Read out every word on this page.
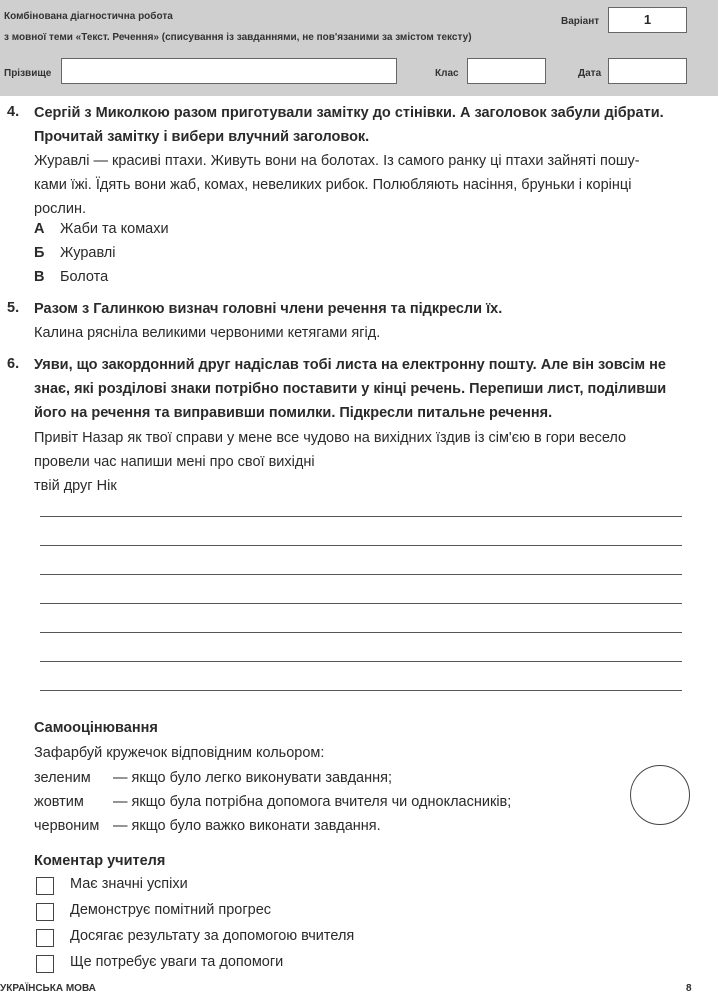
Комбінована діагностична робота
з мовної теми «Текст. Речення» (списування із завданнями, не пов'язаними за змістом тексту)
Варіант	1
Прізвище	Клас	Дата
4. Сергій з Миколкою разом приготували замітку до стінівки. А заголовок забули дібрати.
Прочитай замітку і вибери влучний заголовок.
Журавлі — красиві птахи. Живуть вони на болотах. Із самого ранку ці птахи зайняті пошу-
ками їжі. Їдять вони жаб, комах, невеликих рибок. Полюбляють насіння, бруньки і корінці
рослин.
А Жаби та комахи
Б Журавлі
В Болота
5. Разом з Галинкою визнач головні члени речення та підкресли їх.
Калина рясніла великими червоними кетягами ягід.
6. Уяви, що закордонний друг надіслав тобі листа на електронну пошту. Але він зовсім не
знає, які розділові знаки потрібно поставити у кінці речень. Перепиши лист, поділивши
його на речення та виправивши помилки. Підкресли питальне речення.
Привіт Назар як твої справи у мене все чудово на вихідних їздив із сім'єю в гори весело
провели час напиши мені про свої вихідні
твій друг Нік
Самооцінювання
Зафарбуй кружечок відповідним кольором:
зеленим — якщо було легко виконувати завдання;
жовтим — якщо була потрібна допомога вчителя чи однокласників;
червоним — якщо було важко виконати завдання.
Коментар учителя
Має значні успіхи
Демонструє помітний прогрес
Досягає результату за допомогою вчителя
Ще потребує уваги та допомоги
УКРАЇНСЬКА МОВА	8
